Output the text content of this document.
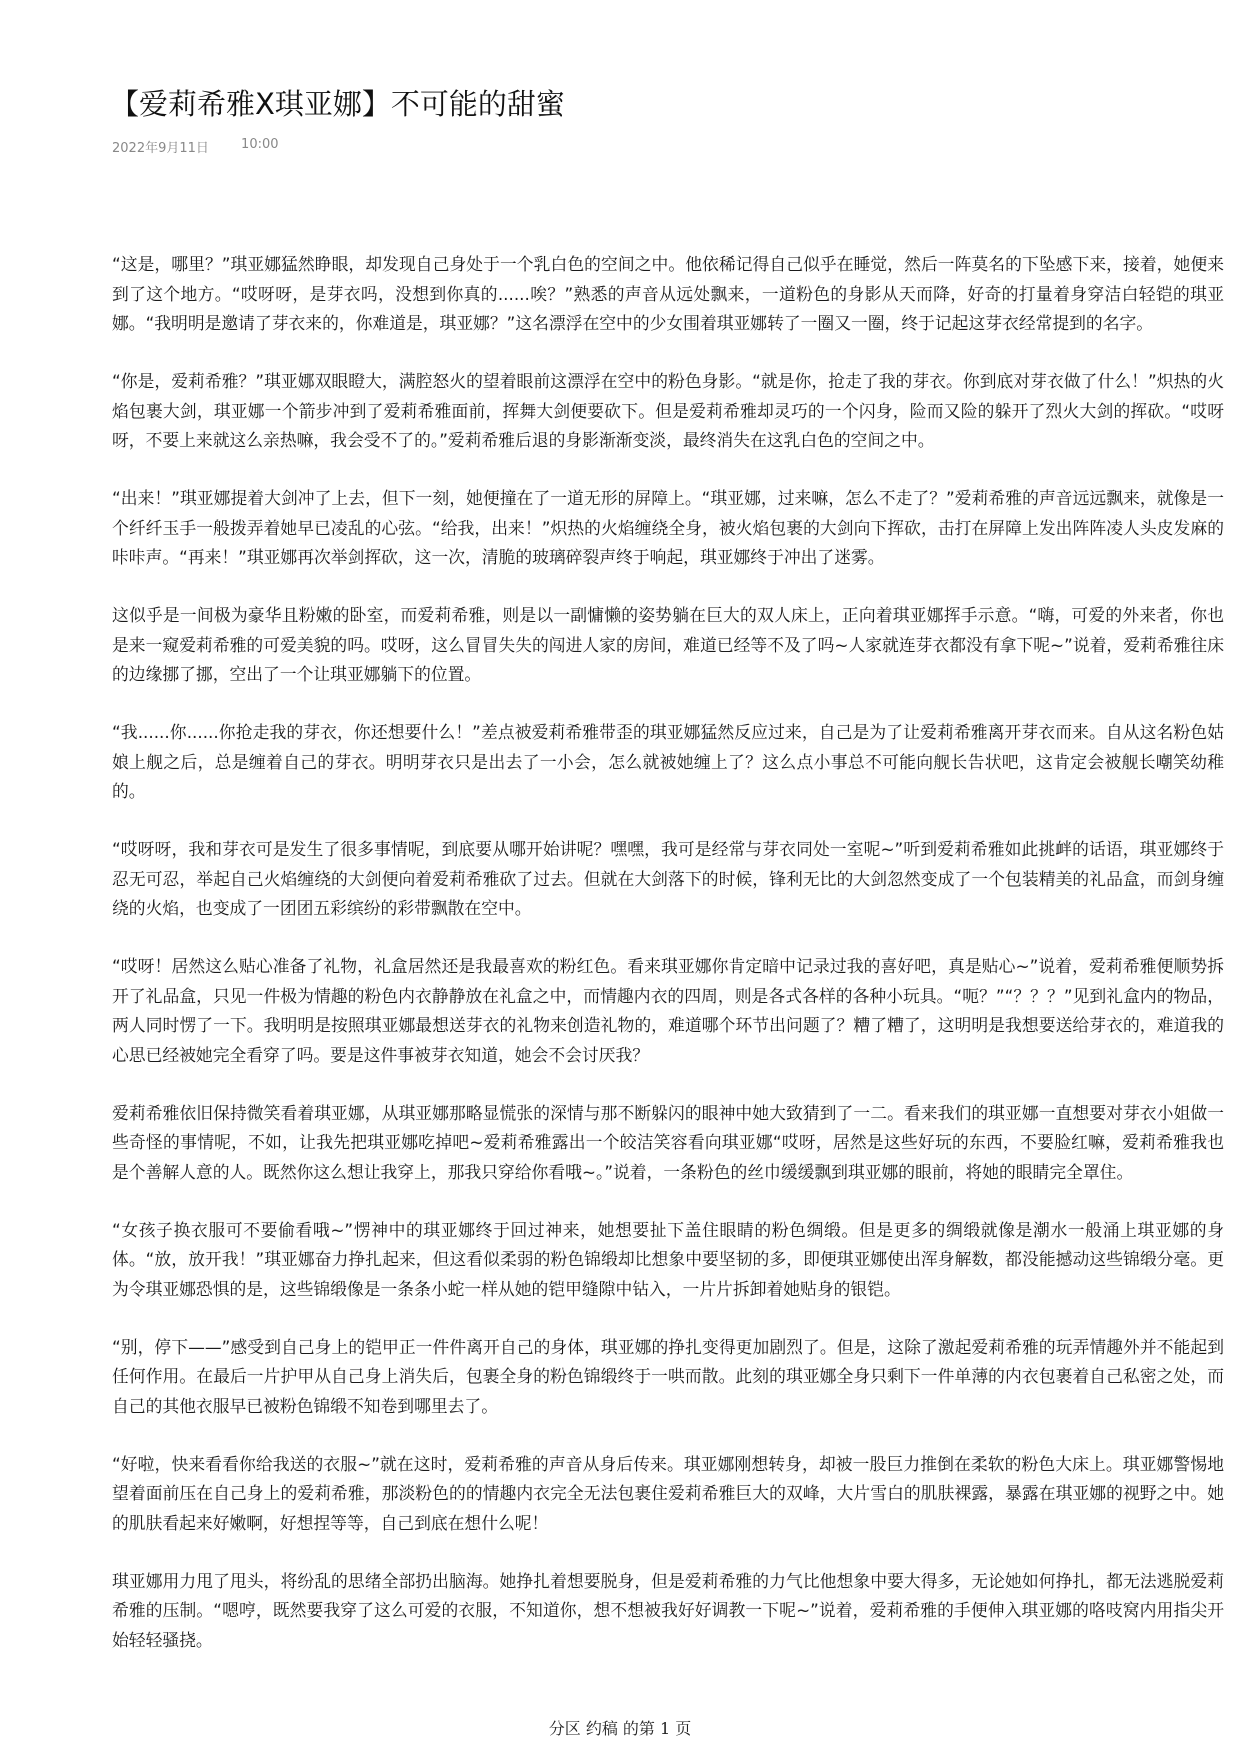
【爱莉希雅X琪亚娜】不可能的甜蜜
2022年9月11日 10:00

“这是，哪里？”琪亚娜猛然睁眼，却发现自己身处于一个乳白色的空间之中。他依稀记得自己似乎在睡觉，然后一阵莫名的下坠感下来，接着，她便来到了这个地方。“哎呀呀，是芽衣吗，没想到你真的......唉？”熟悉的声音从远处飘来，一道粉色的身影从天而降，好奇的打量着身穿洁白轻铠的琪亚娜。“我明明是邀请了芽衣来的，你难道是，琪亚娜？”这名漂浮在空中的少女围着琪亚娜转了一圈又一圈，终于记起这芽衣经常提到的名字。

“你是，爱莉希雅？”琪亚娜双眼瞪大，满腔怒火的望着眼前这漂浮在空中的粉色身影。“就是你，抢走了我的芽衣。你到底对芽衣做了什么！”炽热的火焰包裹大剑，琪亚娜一个箭步冲到了爱莉希雅面前，挥舞大剑便要砍下。但是爱莉希雅却灵巧的一个闪身，险而又险的躲开了烈火大剑的挥砍。“哎呀呀，不要上来就这么亲热嘛，我会受不了的。”爱莉希雅后退的身影渐渐变淡，最终消失在这乳白色的空间之中。

“出来！”琪亚娜提着大剑冲了上去，但下一刻，她便撞在了一道无形的屏障上。“琪亚娜，过来嘛，怎么不走了？”爱莉希雅的声音远远飘来，就像是一个纤纤玉手一般拨弄着她早已凌乱的心弦。“给我，出来！”炽热的火焰缠绕全身，被火焰包裹的大剑向下挥砍，击打在屏障上发出阵阵凌人头皮发麻的咔咔声。“再来！”琪亚娜再次举剑挥砍，这一次，清脆的玻璃碎裂声终于响起，琪亚娜终于冲出了迷雾。

这似乎是一间极为豪华且粉嫩的卧室，而爱莉希雅，则是以一副慵懒的姿势躺在巨大的双人床上，正向着琪亚娜挥手示意。“嗨，可爱的外来者，你也是来一窥爱莉希雅的可爱美貌的吗。哎呀，这么冒冒失失的闯进人家的房间，难道已经等不及了吗~人家就连芽衣都没有拿下呢~”说着，爱莉希雅往床的边缘挪了挪，空出了一个让琪亚娜躺下的位置。

“我......你......你抢走我的芽衣，你还想要什么！”差点被爱莉希雅带歪的琪亚娜猛然反应过来，自己是为了让爱莉希雅离开芽衣而来。自从这名粉色姑娘上舰之后，总是缠着自己的芽衣。明明芽衣只是出去了一小会，怎么就被她缠上了？这么点小事总不可能向舰长告状吧，这肯定会被舰长嘲笑幼稚的。

“哎呀呀，我和芽衣可是发生了很多事情呢，到底要从哪开始讲呢？嘿嘿，我可是经常与芽衣同处一室呢~”听到爱莉希雅如此挑衅的话语，琪亚娜终于忍无可忍，举起自己火焰缠绕的大剑便向着爱莉希雅砍了过去。但就在大剑落下的时候，锋利无比的大剑忽然变成了一个包装精美的礼品盒，而剑身缠绕的火焰，也变成了一团团五彩缤纷的彩带飘散在空中。

“哎呀！居然这么贴心准备了礼物，礼盒居然还是我最喜欢的粉红色。看来琪亚娜你肯定暗中记录过我的喜好吧，真是贴心~”说着，爱莉希雅便顺势拆开了礼品盒，只见一件极为情趣的粉色内衣静静放在礼盒之中，而情趣内衣的四周，则是各式各样的各种小玩具。“呃？”“？？？”见到礼盒内的物品，两人同时愣了一下。我明明是按照琪亚娜最想送芽衣的礼物来创造礼物的，难道哪个环节出问题了？糟了糟了，这明明是我想要送给芽衣的，难道我的心思已经被她完全看穿了吗。要是这件事被芽衣知道，她会不会讨厌我？

爱莉希雅依旧保持微笑看着琪亚娜，从琪亚娜那略显慌张的深情与那不断躲闪的眼神中她大致猜到了一二。看来我们的琪亚娜一直想要对芽衣小姐做一些奇怪的事情呢，不如，让我先把琪亚娜吃掉吧~爱莉希雅露出一个皎洁笑容看向琪亚娜“哎呀，居然是这些好玩的东西，不要脸红嘛，爱莉希雅我也是个善解人意的人。既然你这么想让我穿上，那我只穿给你看哦~。”说着，一条粉色的丝巾缓缓飘到琪亚娜的眼前，将她的眼睛完全罩住。

“女孩子换衣服可不要偷看哦~”愣神中的琪亚娜终于回过神来，她想要扯下盖住眼睛的粉色绸缎。但是更多的绸缎就像是潮水一般涌上琪亚娜的身体。“放，放开我！”琪亚娜奋力挣扎起来，但这看似柔弱的粉色锦缎却比想象中要坚韧的多，即便琪亚娜使出浑身解数，都没能撼动这些锦缎分毫。更为令琪亚娜恐惧的是，这些锦缎像是一条条小蛇一样从她的铠甲缝隙中钻入，一片片拆卸着她贴身的银铠。

“别，停下——”感受到自己身上的铠甲正一件件离开自己的身体，琪亚娜的挣扎变得更加剧烈了。但是，这除了激起爱莉希雅的玩弄情趣外并不能起到任何作用。在最后一片护甲从自己身上消失后，包裹全身的粉色锦缎终于一哄而散。此刻的琪亚娜全身只剩下一件单薄的内衣包裹着自己私密之处，而自己的其他衣服早已被粉色锦缎不知卷到哪里去了。

“好啦，快来看看你给我送的衣服~”就在这时，爱莉希雅的声音从身后传来。琪亚娜刚想转身，却被一股巨力推倒在柔软的粉色大床上。琪亚娜警惕地望着面前压在自己身上的爱莉希雅，那淡粉色的的情趣内衣完全无法包裹住爱莉希雅巨大的双峰，大片雪白的肌肤裸露，暴露在琪亚娜的视野之中。她的肌肤看起来好嫩啊，好想捏等等，自己到底在想什么呢！

琪亚娜用力甩了甩头，将纷乱的思绪全部扔出脑海。她挣扎着想要脱身，但是爱莉希雅的力气比他想象中要大得多，无论她如何挣扎，都无法逃脱爱莉希雅的压制。“嗯哼，既然要我穿了这么可爱的衣服，不知道你，想不想被我好好调教一下呢~”说着，爱莉希雅的手便伸入琪亚娜的咯吱窝内用指尖开始轻轻骚挠。

分区 约稿 的第 1 页
